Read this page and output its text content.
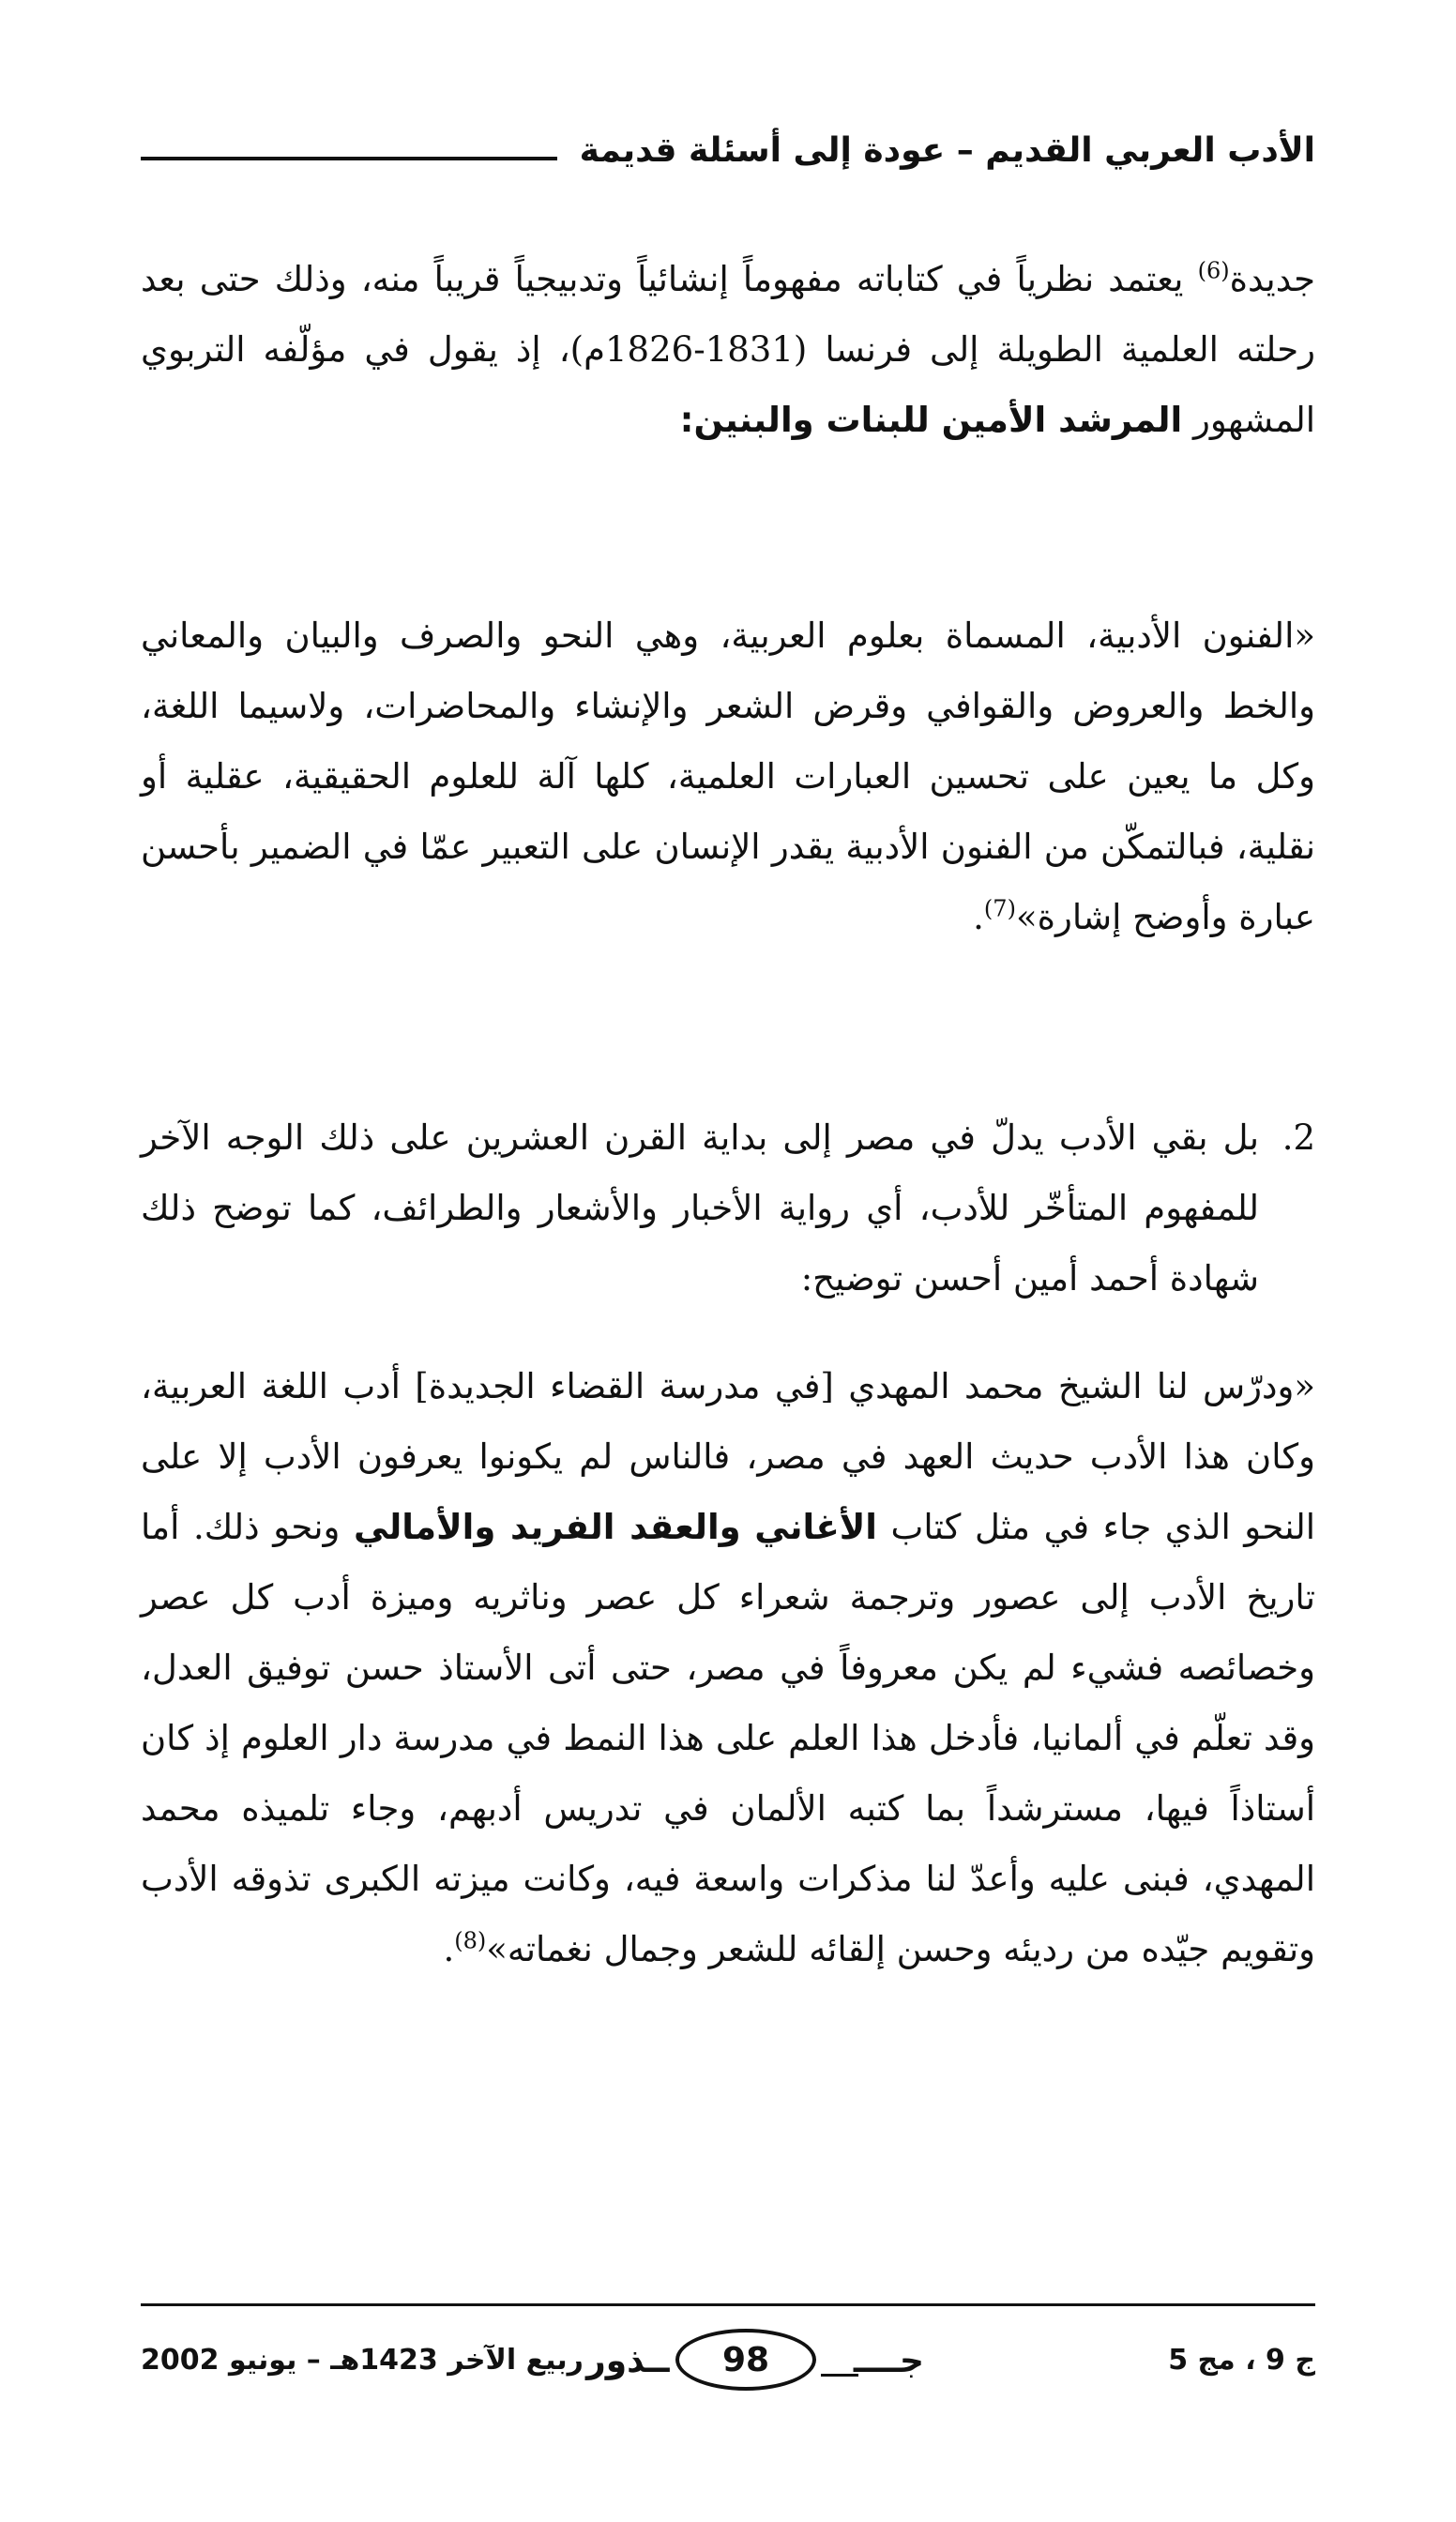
الأدب العربي القديم – عودة إلى أسئلة قديمة

جديدة$^{(6)}$ يعتمد نظرياً في كتاباته مفهوماً إنشائياً وتدبيجياً قريباً منه، وذلك حتى بعد رحلته العلمية الطويلة إلى فرنسا (1831-1826م)، إذ يقول في مؤلّفه التربوي المشهور المرشد الأمين للبنات والبنين:

«الفنون الأدبية، المسماة بعلوم العربية، وهي النحو والصرف والبيان والمعاني والخط والعروض والقوافي وقرض الشعر والإنشاء والمحاضرات، ولاسيما اللغة، وكل ما يعين على تحسين العبارات العلمية، كلها آلة للعلوم الحقيقية، عقلية أو نقلية، فبالتمكّن من الفنون الأدبية يقدر الإنسان على التعبير عمّا في الضمير بأحسن عبارة وأوضح إشارة»$^{(7)}$.

2.
بل بقي الأدب يدلّ في مصر إلى بداية القرن العشرين على ذلك الوجه الآخر للمفهوم المتأخّر للأدب، أي رواية الأخبار والأشعار والطرائف، كما توضح ذلك شهادة أحمد أمين أحسن توضيح:

«ودرّس لنا الشيخ محمد المهدي [في مدرسة القضاء الجديدة] أدب اللغة العربية، وكان هذا الأدب حديث العهد في مصر، فالناس لم يكونوا يعرفون الأدب إلا على النحو الذي جاء في مثل كتاب الأغاني والعقد الفريد والأمالي ونحو ذلك. أما تاريخ الأدب إلى عصور وترجمة شعراء كل عصر وناثريه وميزة أدب كل عصر وخصائصه فشيء لم يكن معروفاً في مصر، حتى أتى الأستاذ حسن توفيق العدل، وقد تعلّم في ألمانيا، فأدخل هذا العلم على هذا النمط في مدرسة دار العلوم إذ كان أستاذاً فيها، مسترشداً بما كتبه الألمان في تدريس أدبهم، وجاء تلميذه محمد المهدي، فبنى عليه وأعدّ لنا مذكرات واسعة فيه، وكانت ميزته الكبرى تذوقه الأدب وتقويم جيّده من رديئه وحسن إلقائه للشعر وجمال نغماته»$^{(8)}$.

ج 9 ، مج 5
جــــ
98
ــذور
ربيع الآخر 1423هـ – يونيو 2002
